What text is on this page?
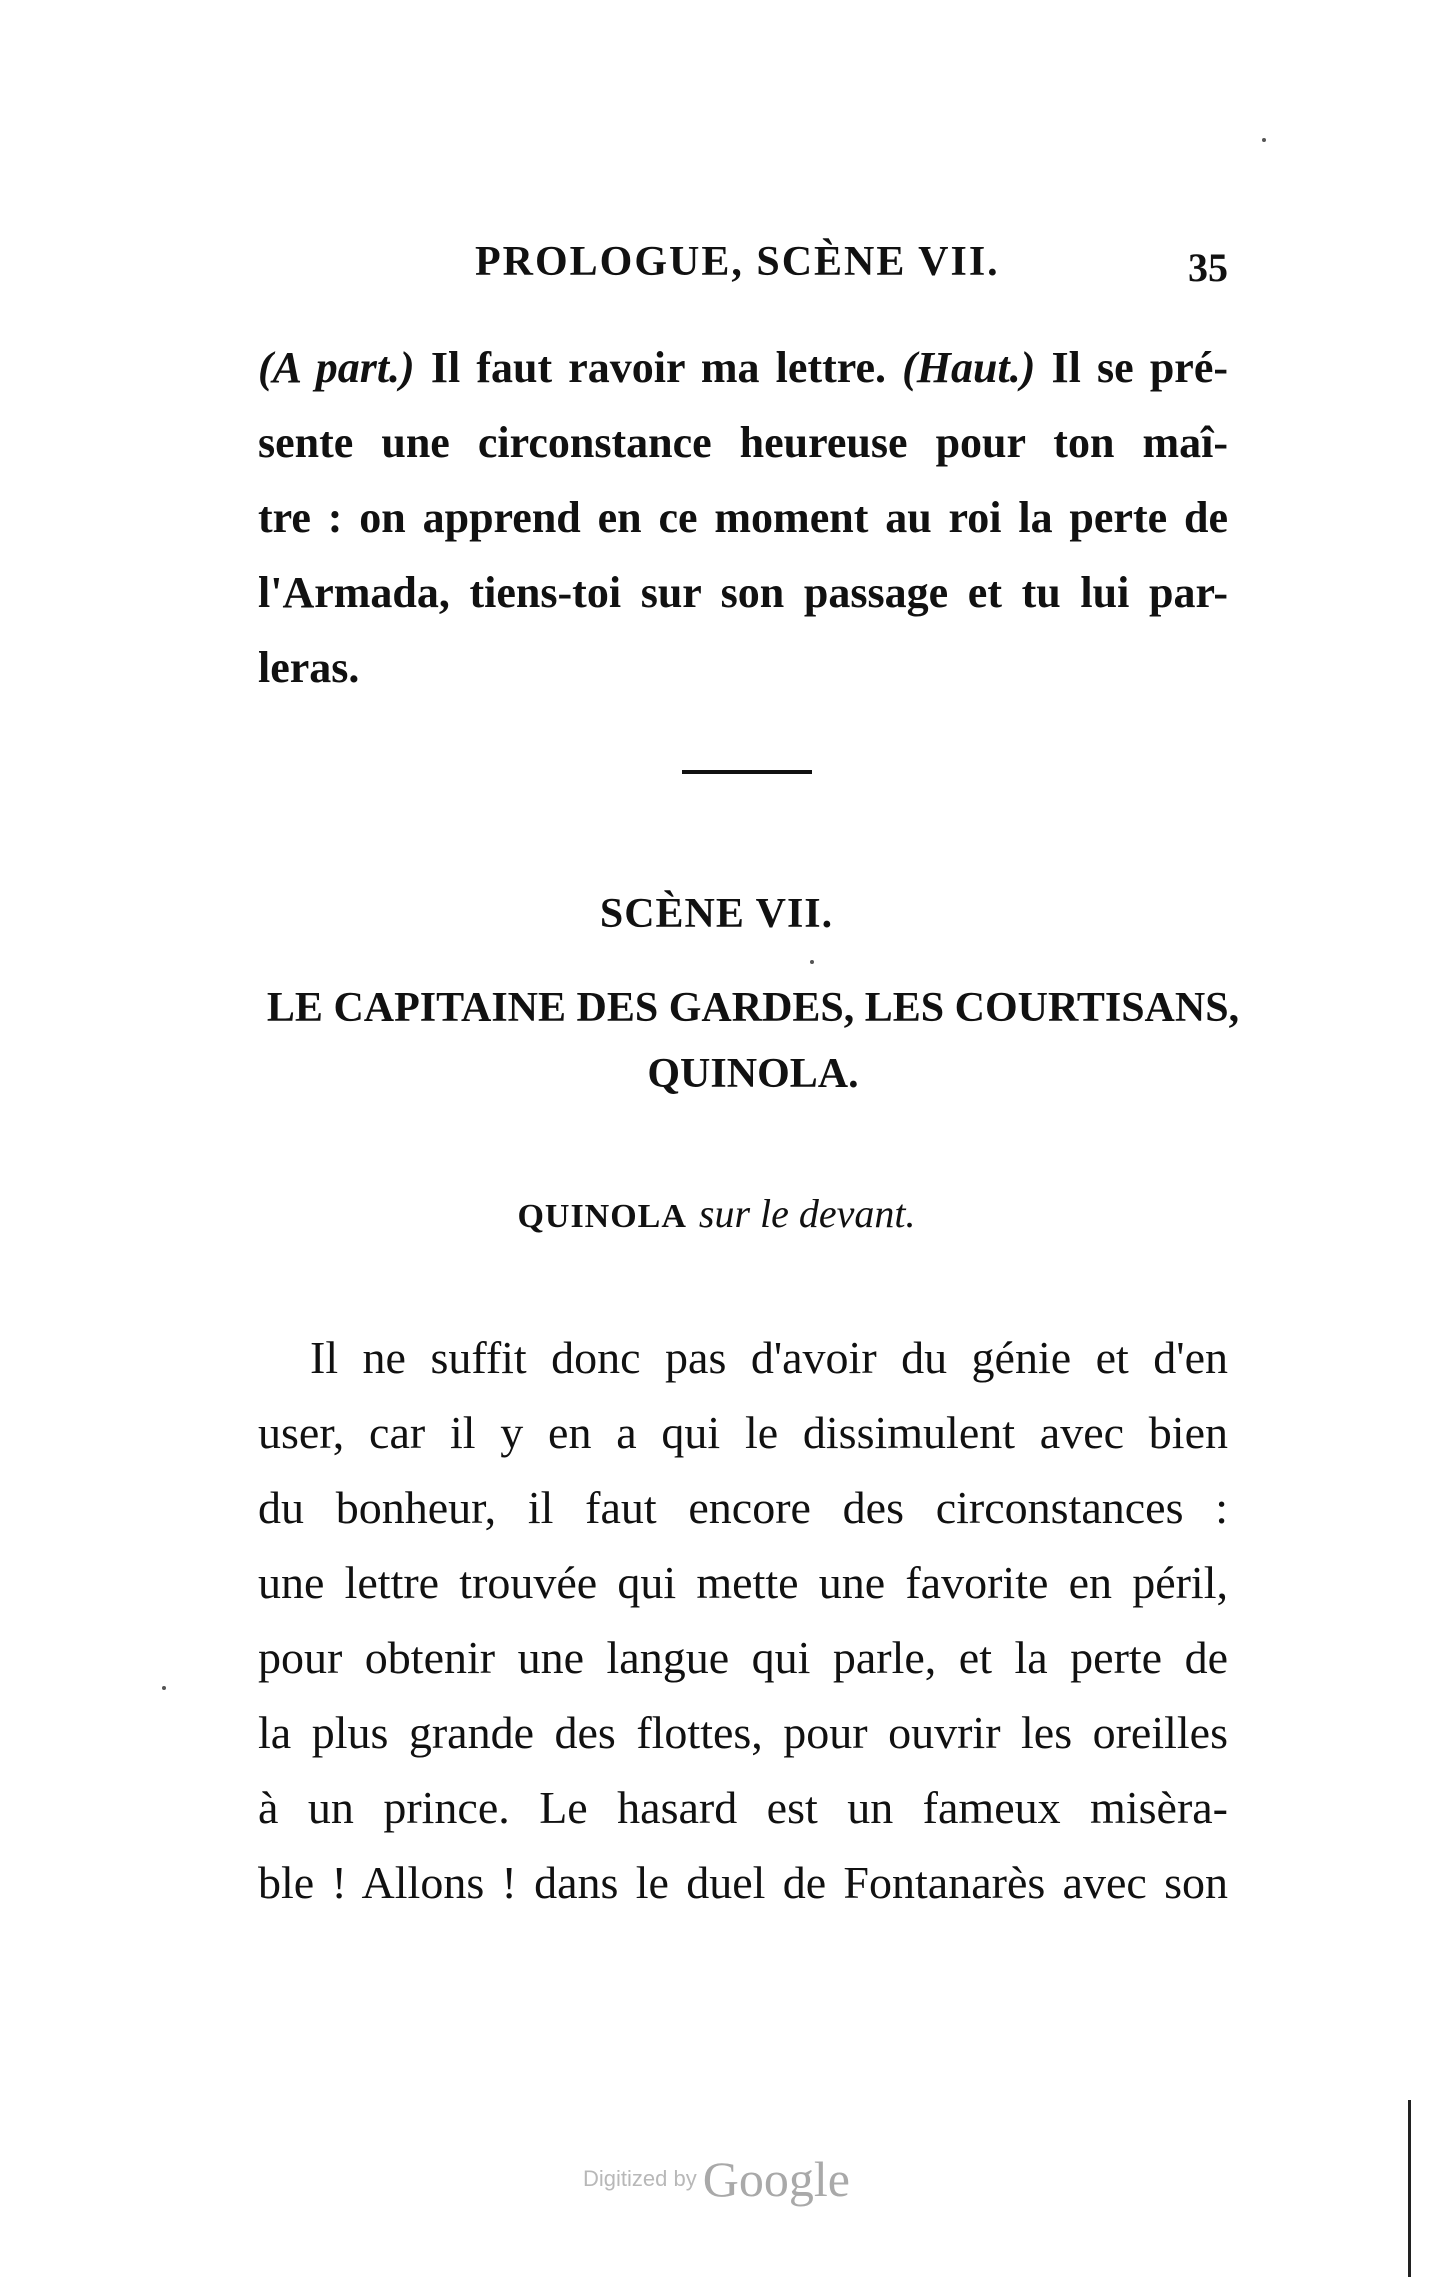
PROLOGUE, SCÈNE VII.	35
(A part.) Il faut ravoir ma lettre. (Haut.) Il se pré-
sente une circonstance heureuse pour ton maî-
tre : on apprend en ce moment au roi la perte de
l'Armada, tiens-toi sur son passage et tu lui par-
leras.
SCÈNE VII.
LE CAPITAINE DES GARDES, LES COURTISANS,
QUINOLA.
QUINOLA sur le devant.
Il ne suffit donc pas d'avoir du génie et d'en
user, car il y en a qui le dissimulent avec bien
du bonheur, il faut encore des circonstances :
une lettre trouvée qui mette une favorite en péril,
pour obtenir une langue qui parle, et la perte de
la plus grande des flottes, pour ouvrir les oreilles
à un prince. Le hasard est un fameux misèra-
ble ! Allons ! dans le duel de Fontanarès avec son
Digitized by Google
